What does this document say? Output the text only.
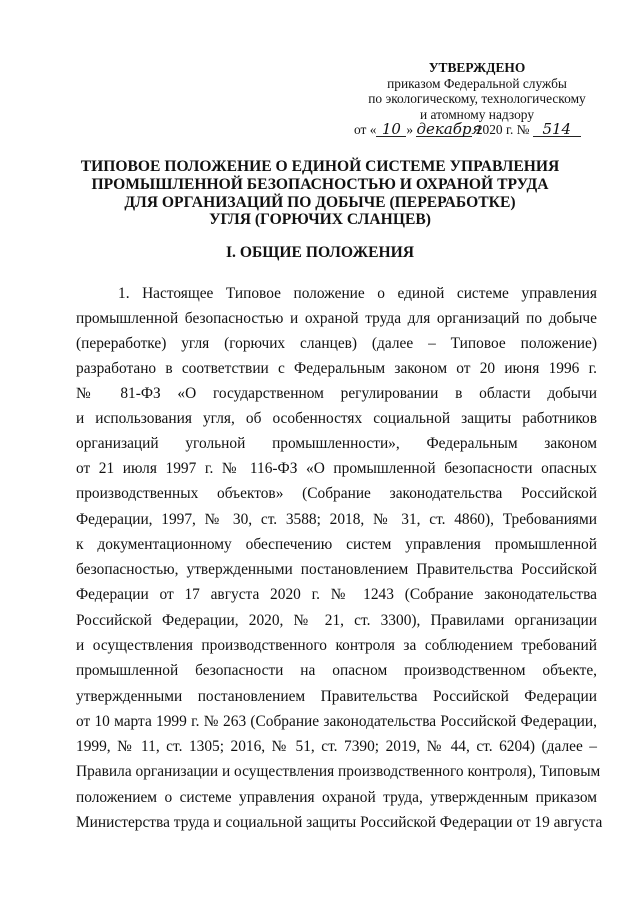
УТВЕРЖДЕНО
приказом Федеральной службы
по экологическому, технологическому
и атомному надзору
от « 10 » декабря 2020 г. № 514
ТИПОВОЕ ПОЛОЖЕНИЕ О ЕДИНОЙ СИСТЕМЕ УПРАВЛЕНИЯ
ПРОМЫШЛЕННОЙ БЕЗОПАСНОСТЬЮ И ОХРАНОЙ ТРУДА
ДЛЯ ОРГАНИЗАЦИЙ ПО ДОБЫЧЕ (ПЕРЕРАБОТКЕ)
УГЛЯ (ГОРЮЧИХ СЛАНЦЕВ)
I. ОБЩИЕ ПОЛОЖЕНИЯ
1. Настоящее Типовое положение о единой системе управления
промышленной безопасностью и охраной труда для организаций по добыче
(переработке) угля (горючих сланцев) (далее – Типовое положение)
разработано в соответствии с Федеральным законом от 20 июня 1996 г.
№ 81-ФЗ «О государственном регулировании в области добычи
и использования угля, об особенностях социальной защиты работников
организаций угольной промышленности», Федеральным законом
от 21 июля 1997 г. № 116-ФЗ «О промышленной безопасности опасных
производственных объектов» (Собрание законодательства Российской
Федерации, 1997, № 30, ст. 3588; 2018, № 31, ст. 4860), Требованиями
к документационному обеспечению систем управления промышленной
безопасностью, утвержденными постановлением Правительства Российской
Федерации от 17 августа 2020 г. № 1243 (Собрание законодательства
Российской Федерации, 2020, № 21, ст. 3300), Правилами организации
и осуществления производственного контроля за соблюдением требований
промышленной безопасности на опасном производственном объекте,
утвержденными постановлением Правительства Российской Федерации
от 10 марта 1999 г. № 263 (Собрание законодательства Российской Федерации,
1999, № 11, ст. 1305; 2016, № 51, ст. 7390; 2019, № 44, ст. 6204) (далее –
Правила организации и осуществления производственного контроля), Типовым
положением о системе управления охраной труда, утвержденным приказом
Министерства труда и социальной защиты Российской Федерации от 19 августа
